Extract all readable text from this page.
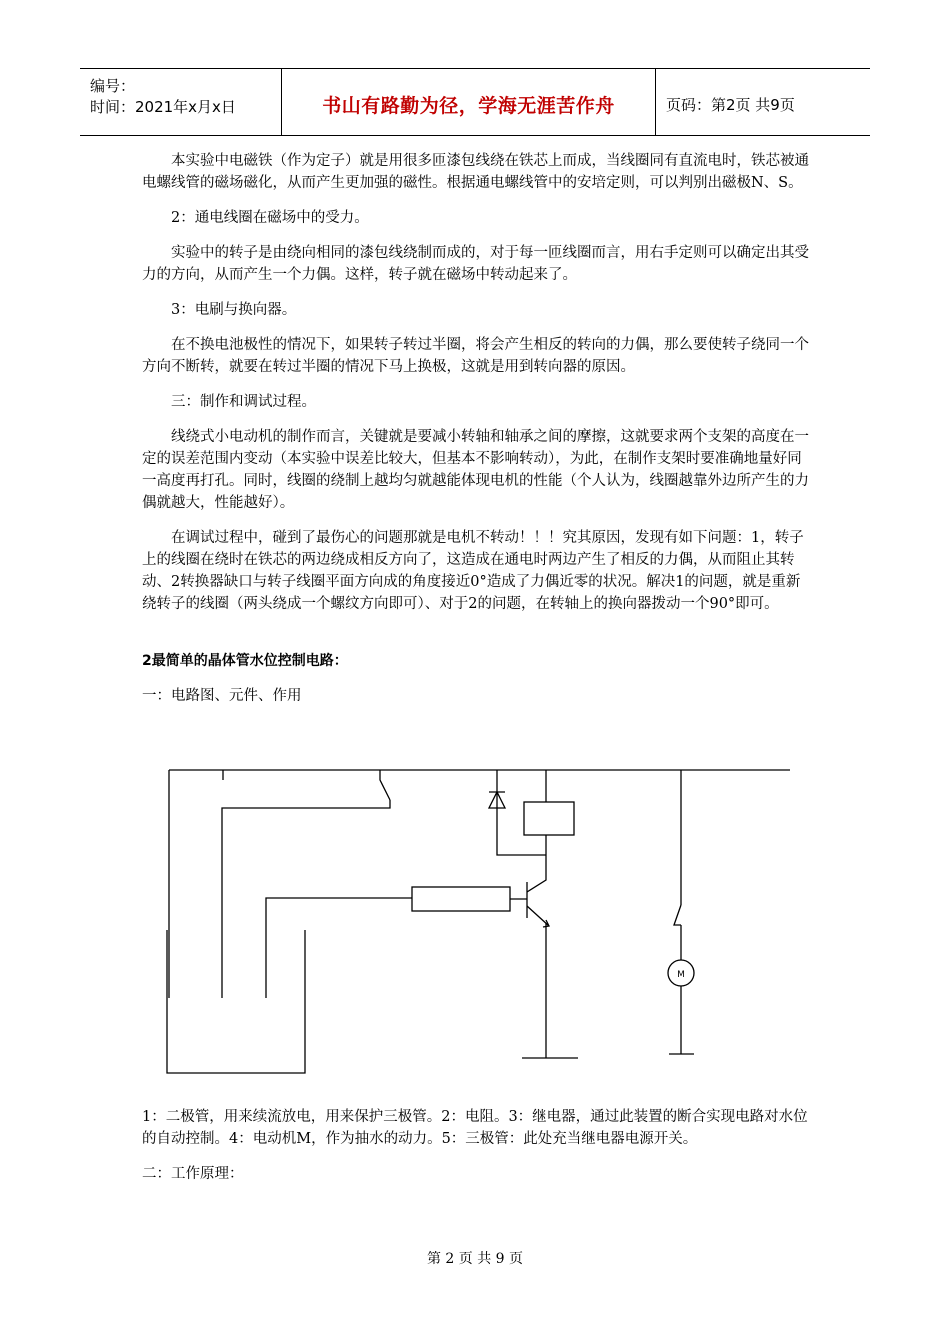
编号：
时间：2021年x月x日	书山有路勤为径，学海无涯苦作舟	页码：第2页 共9页

本实验中电磁铁（作为定子）就是用很多匝漆包线绕在铁芯上而成，当线圈同有直流电时，铁芯被通电螺线管的磁场磁化，从而产生更加强的磁性。根据通电螺线管中的安培定则，可以判别出磁极N、S。

2：通电线圈在磁场中的受力。

实验中的转子是由绕向相同的漆包线绕制而成的，对于每一匝线圈而言，用右手定则可以确定出其受力的方向，从而产生一个力偶。这样，转子就在磁场中转动起来了。

3：电刷与换向器。

在不换电池极性的情况下，如果转子转过半圈，将会产生相反的转向的力偶，那么要使转子绕同一个方向不断转，就要在转过半圈的情况下马上换极，这就是用到转向器的原因。

三：制作和调试过程。

线绕式小电动机的制作而言，关键就是要减小转轴和轴承之间的摩擦，这就要求两个支架的高度在一定的误差范围内变动（本实验中误差比较大，但基本不影响转动），为此，在制作支架时要准确地量好同一高度再打孔。同时，线圈的绕制上越均匀就越能体现电机的性能（个人认为，线圈越靠外边所产生的力偶就越大，性能越好）。

在调试过程中，碰到了最伤心的问题那就是电机不转动！！！究其原因，发现有如下问题：1，转子上的线圈在绕时在铁芯的两边绕成相反方向了，这造成在通电时两边产生了相反的力偶，从而阻止其转动、2转换器缺口与转子线圈平面方向成的角度接近0°造成了力偶近零的状况。解决1的问题，就是重新绕转子的线圈（两头绕成一个螺纹方向即可）、对于2的问题，在转轴上的换向器拨动一个90°即可。

2最简单的晶体管水位控制电路：

一：电路图、元件、作用

M

1：二极管，用来续流放电，用来保护三极管。2：电阻。3：继电器，通过此装置的断合实现电路对水位的自动控制。4：电动机M，作为抽水的动力。5：三极管：此处充当继电器电源开关。

二：工作原理：

第 2 页 共 9 页
